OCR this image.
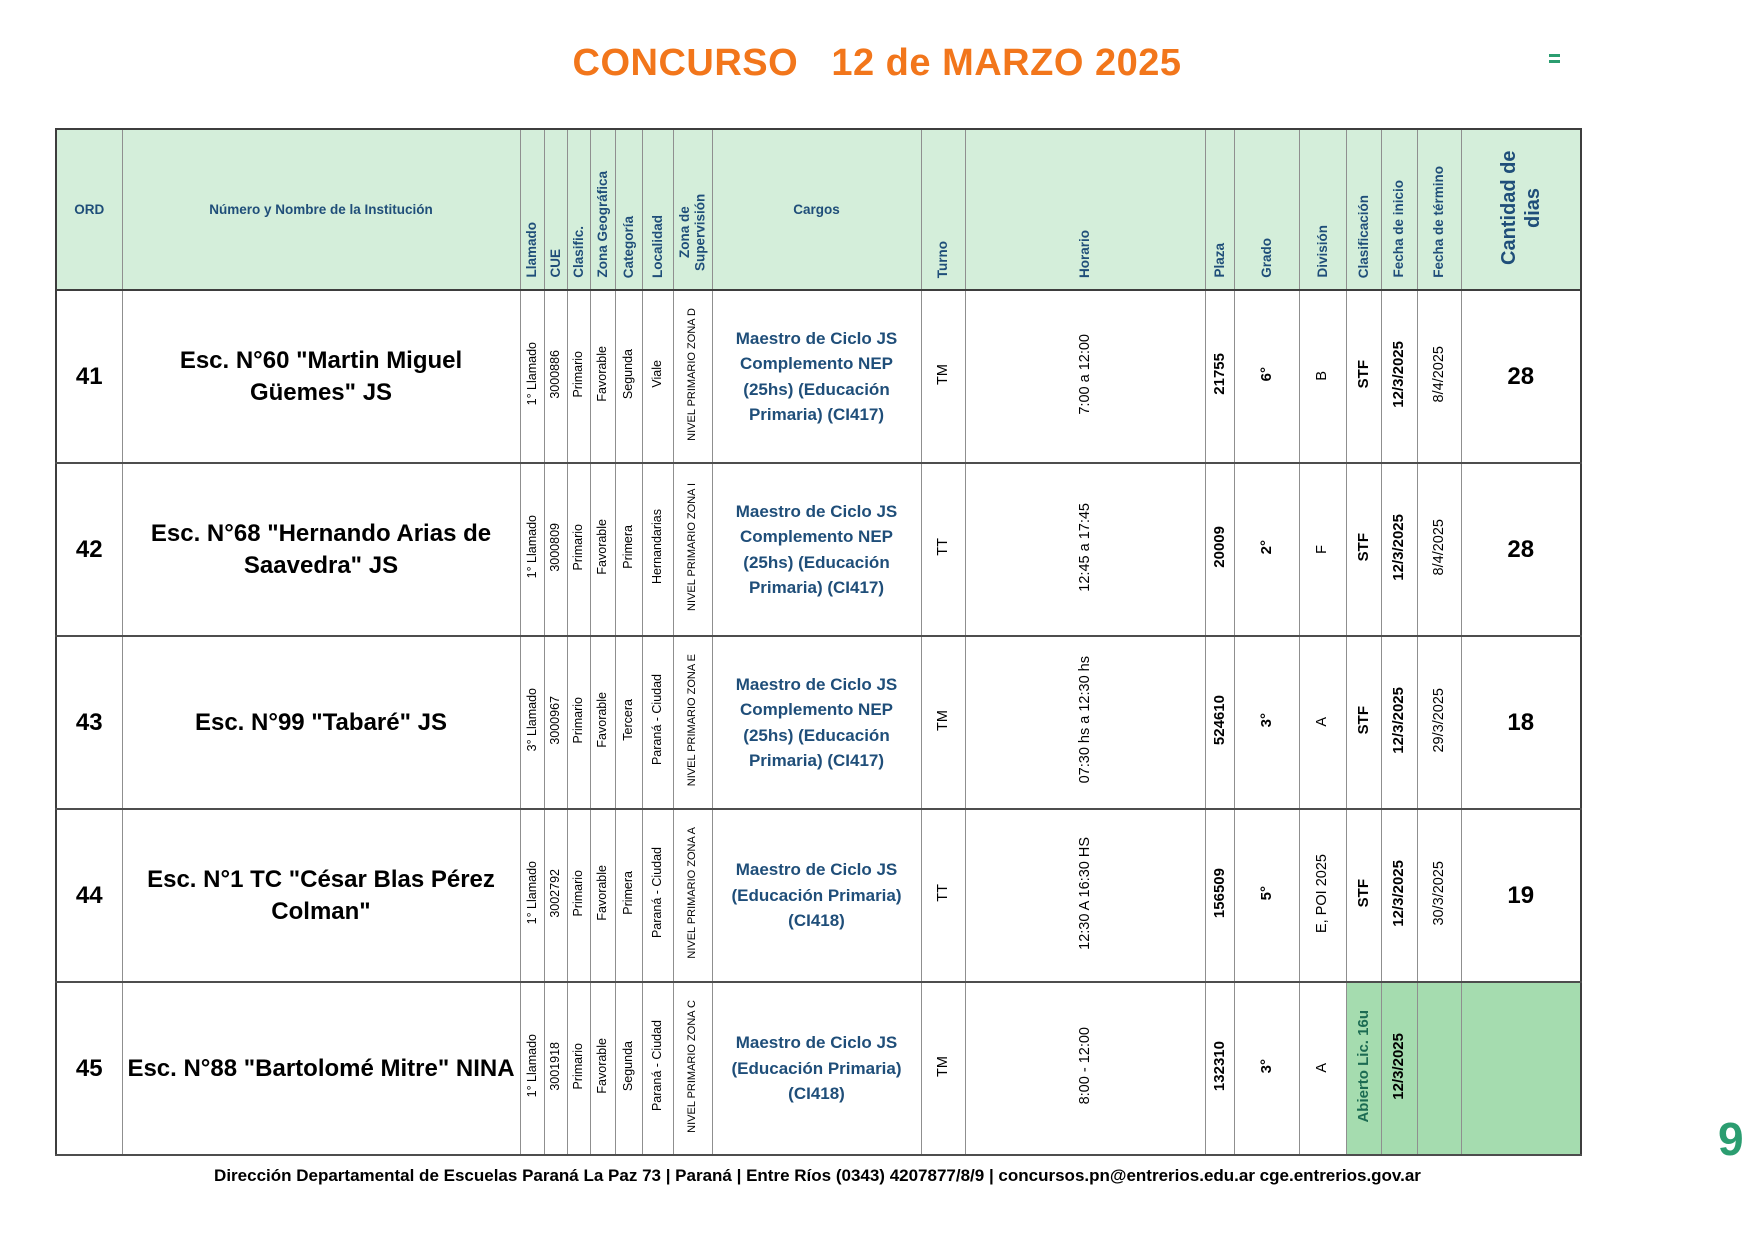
CONCURSO   12 de MARZO 2025
ORD	Número y Nombre de la Institución	Llamado	CUE	Clasific.	Zona Geográfica	Categoría	Localidad	Zona de Supervisión	Cargos	Turno	Horario	Plaza	Grado	División	Clasificación	Fecha de inicio	Fecha de término	Cantidad de dias
41	Esc. N°60 "Martin Miguel Güemes" JS	1° Llamado	3000886	Primario	Favorable	Segunda	Viale	NIVEL PRIMARIO ZONA D	Maestro de Ciclo JS Complemento NEP (25hs) (Educación Primaria) (CI417)	TM	7:00 a 12:00	21755	6°	B	STF	12/3/2025	8/4/2025	28
42	Esc. N°68 "Hernando Arias de Saavedra" JS	1° Llamado	3000809	Primario	Favorable	Primera	Hernandarias	NIVEL PRIMARIO ZONA I	Maestro de Ciclo JS Complemento NEP (25hs) (Educación Primaria) (CI417)	TT	12:45 a 17:45	20009	2°	F	STF	12/3/2025	8/4/2025	28
43	Esc. N°99 "Tabaré" JS	3° Llamado	3000967	Primario	Favorable	Tercera	Paraná - Ciudad	NIVEL PRIMARIO ZONA E	Maestro de Ciclo JS Complemento NEP (25hs) (Educación Primaria) (CI417)	TM	07:30 hs a 12:30 hs	524610	3°	A	STF	12/3/2025	29/3/2025	18
44	Esc. N°1 TC "César Blas Pérez Colman"	1° Llamado	3002792	Primario	Favorable	Primera	Paraná - Ciudad	NIVEL PRIMARIO ZONA A	Maestro de Ciclo JS (Educación Primaria) (CI418)	TT	12:30 A 16:30 HS	156509	5°	E, POI 2025	STF	12/3/2025	30/3/2025	19
45	Esc. N°88 "Bartolomé Mitre" NINA	1° Llamado	3001918	Primario	Favorable	Segunda	Paraná - Ciudad	NIVEL PRIMARIO ZONA C	Maestro de Ciclo JS (Educación Primaria) (CI418)	TM	8:00 - 12:00	132310	3°	A	Abierto Lic. 16u	12/3/2025		
Dirección Departamental de Escuelas Paraná La Paz 73 | Paraná | Entre Ríos (0343) 4207877/8/9 | concursos.pn@entrerios.edu.ar cge.entrerios.gov.ar
9
